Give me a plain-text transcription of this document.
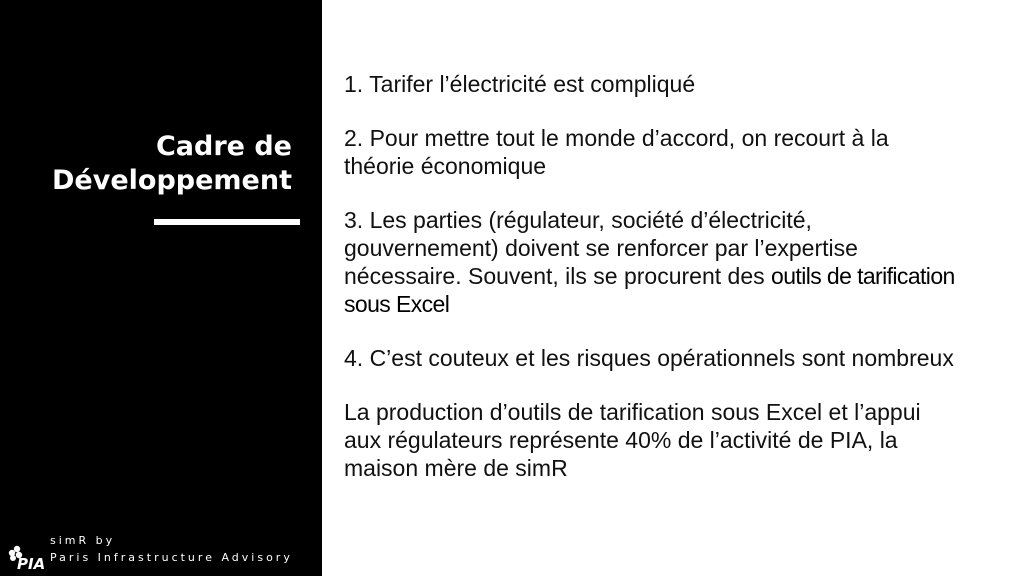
Cadre de
Développement
PIA
simR by
Paris Infrastructure Advisory

1. Tarifer l’électricité est compliqué

2. Pour mettre tout le monde d’accord, on recourt à la théorie économique

3. Les parties (régulateur, société d’électricité, gouvernement) doivent se renforcer par l’expertise nécessaire. Souvent, ils se procurent des outils de tarification sous Excel

4. C’est couteux et les risques opérationnels sont nombreux

La production d’outils de tarification sous Excel et l’appui aux régulateurs représente 40% de l’activité de PIA, la maison mère de simR
